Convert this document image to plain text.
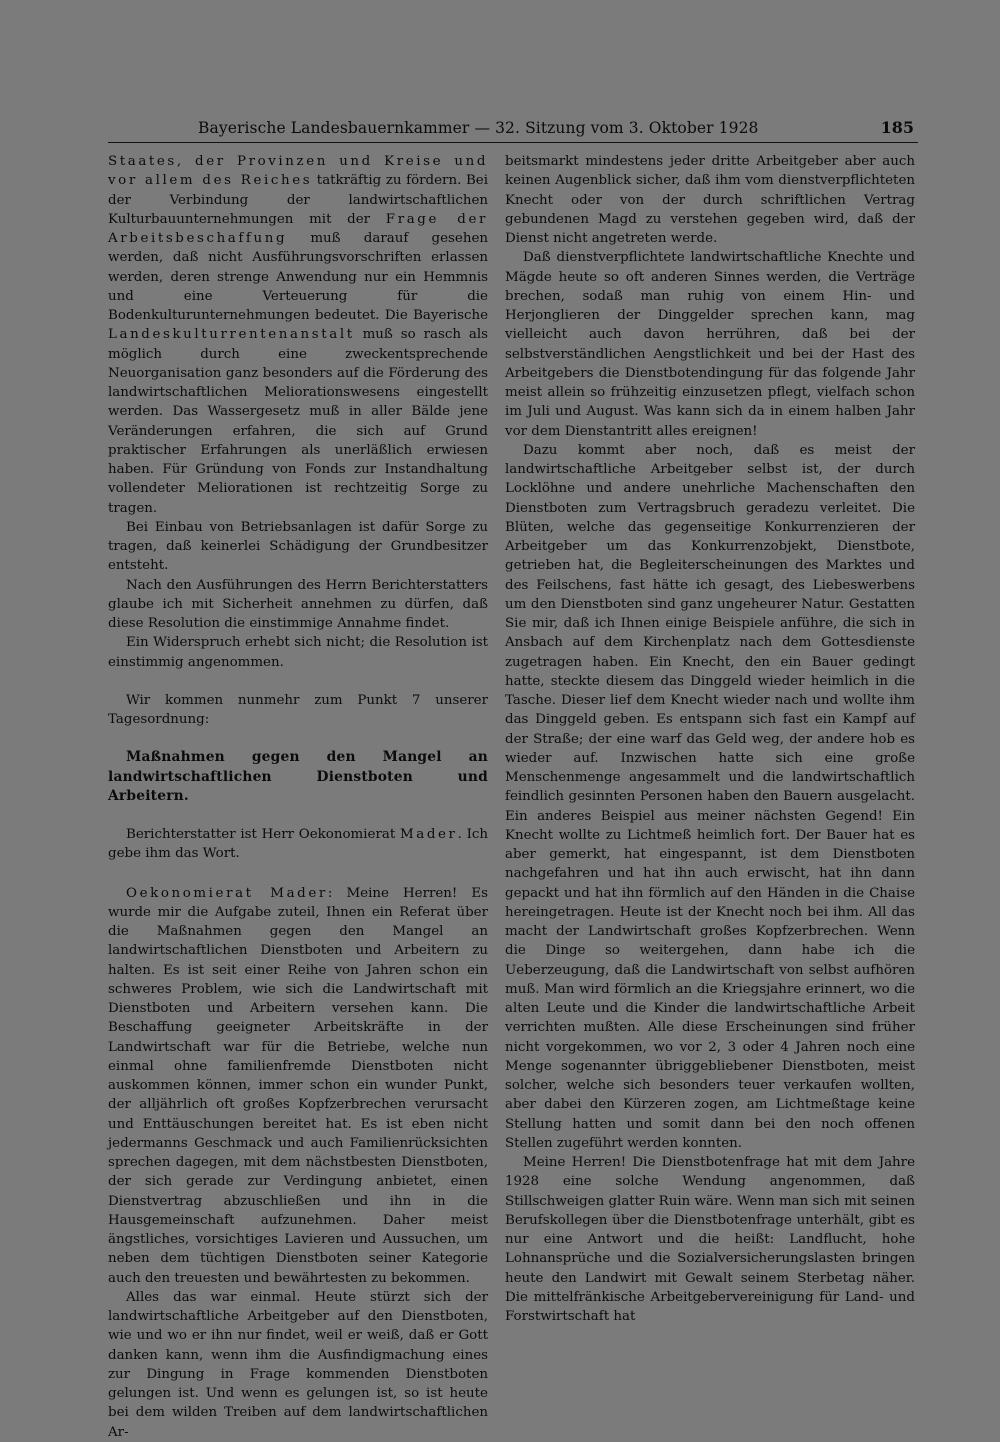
Bayerische Landesbauernkammer — 32. Sitzung vom 3. Oktober 1928	185

Staates, der Provinzen und Kreise und vor allem des Reiches tatkräftig zu fördern. Bei der Verbindung der landwirtschaftlichen Kulturbauunternehmungen mit der Frage der Arbeitsbeschaffung muß darauf gesehen werden, daß nicht Ausführungsvorschriften erlassen werden, deren strenge Anwendung nur ein Hemmnis und eine Verteuerung für die Bodenkulturunternehmungen bedeutet. Die Bayerische Landeskulturrentenanstalt muß so rasch als möglich durch eine zweckentsprechende Neuorganisation ganz besonders auf die Förderung des landwirtschaftlichen Meliorationswesens eingestellt werden. Das Wassergesetz muß in aller Bälde jene Veränderungen erfahren, die sich auf Grund praktischer Erfahrungen als unerläßlich erwiesen haben. Für Gründung von Fonds zur Instandhaltung vollendeter Meliorationen ist rechtzeitig Sorge zu tragen.

Bei Einbau von Betriebsanlagen ist dafür Sorge zu tragen, daß keinerlei Schädigung der Grundbesitzer entsteht.

Nach den Ausführungen des Herrn Berichterstatters glaube ich mit Sicherheit annehmen zu dürfen, daß diese Resolution die einstimmige Annahme findet.

Ein Widerspruch erhebt sich nicht; die Resolution ist einstimmig angenommen.

Wir kommen nunmehr zum Punkt 7 unserer Tagesordnung:

Maßnahmen gegen den Mangel an landwirtschaftlichen Dienstboten und Arbeitern.

Berichterstatter ist Herr Oekonomierat Mader. Ich gebe ihm das Wort.

Oekonomierat Mader: Meine Herren! Es wurde mir die Aufgabe zuteil, Ihnen ein Referat über die Maßnahmen gegen den Mangel an landwirtschaftlichen Dienstboten und Arbeitern zu halten. Es ist seit einer Reihe von Jahren schon ein schweres Problem, wie sich die Landwirtschaft mit Dienstboten und Arbeitern versehen kann. Die Beschaffung geeigneter Arbeitskräfte in der Landwirtschaft war für die Betriebe, welche nun einmal ohne familienfremde Dienstboten nicht auskommen können, immer schon ein wunder Punkt, der alljährlich oft großes Kopfzerbrechen verursacht und Enttäuschungen bereitet hat. Es ist eben nicht jedermanns Geschmack und auch Familienrücksichten sprechen dagegen, mit dem nächstbesten Dienstboten, der sich gerade zur Verdingung anbietet, einen Dienstvertrag abzuschließen und ihn in die Hausgemeinschaft aufzunehmen. Daher meist ängstliches, vorsichtiges Lavieren und Aussuchen, um neben dem tüchtigen Dienstboten seiner Kategorie auch den treuesten und bewährtesten zu bekommen.

Alles das war einmal. Heute stürzt sich der landwirtschaftliche Arbeitgeber auf den Dienstboten, wie und wo er ihn nur findet, weil er weiß, daß er Gott danken kann, wenn ihm die Ausfindigmachung eines zur Dingung in Frage kommenden Dienstboten gelungen ist. Und wenn es gelungen ist, so ist heute bei dem wilden Treiben auf dem landwirtschaftlichen Ar-

beitsmarkt mindestens jeder dritte Arbeitgeber aber auch keinen Augenblick sicher, daß ihm vom dienstverpflichteten Knecht oder von der durch schriftlichen Vertrag gebundenen Magd zu verstehen gegeben wird, daß der Dienst nicht angetreten werde.

Daß dienstverpflichtete landwirtschaftliche Knechte und Mägde heute so oft anderen Sinnes werden, die Verträge brechen, sodaß man ruhig von einem Hin- und Herjonglieren der Dinggelder sprechen kann, mag vielleicht auch davon herrühren, daß bei der selbstverständlichen Aengstlichkeit und bei der Hast des Arbeitgebers die Dienstbotendingung für das folgende Jahr meist allein so frühzeitig einzusetzen pflegt, vielfach schon im Juli und August. Was kann sich da in einem halben Jahr vor dem Dienstantritt alles ereignen!

Dazu kommt aber noch, daß es meist der landwirtschaftliche Arbeitgeber selbst ist, der durch Locklöhne und andere unehrliche Machenschaften den Dienstboten zum Vertragsbruch geradezu verleitet. Die Blüten, welche das gegenseitige Konkurrenzieren der Arbeitgeber um das Konkurrenzobjekt, Dienstbote, getrieben hat, die Begleiterscheinungen des Marktes und des Feilschens, fast hätte ich gesagt, des Liebeswerbens um den Dienstboten sind ganz ungeheurer Natur. Gestatten Sie mir, daß ich Ihnen einige Beispiele anführe, die sich in Ansbach auf dem Kirchenplatz nach dem Gottesdienste zugetragen haben. Ein Knecht, den ein Bauer gedingt hatte, steckte diesem das Dinggeld wieder heimlich in die Tasche. Dieser lief dem Knecht wieder nach und wollte ihm das Dinggeld geben. Es entspann sich fast ein Kampf auf der Straße; der eine warf das Geld weg, der andere hob es wieder auf. Inzwischen hatte sich eine große Menschenmenge angesammelt und die landwirtschaftlich feindlich gesinnten Personen haben den Bauern ausgelacht. Ein anderes Beispiel aus meiner nächsten Gegend! Ein Knecht wollte zu Lichtmeß heimlich fort. Der Bauer hat es aber gemerkt, hat eingespannt, ist dem Dienstboten nachgefahren und hat ihn auch erwischt, hat ihn dann gepackt und hat ihn förmlich auf den Händen in die Chaise hereingetragen. Heute ist der Knecht noch bei ihm. All das macht der Landwirtschaft großes Kopfzerbrechen. Wenn die Dinge so weitergehen, dann habe ich die Ueberzeugung, daß die Landwirtschaft von selbst aufhören muß. Man wird förmlich an die Kriegsjahre erinnert, wo die alten Leute und die Kinder die landwirtschaftliche Arbeit verrichten mußten. Alle diese Erscheinungen sind früher nicht vorgekommen, wo vor 2, 3 oder 4 Jahren noch eine Menge sogenannter übriggebliebener Dienstboten, meist solcher, welche sich besonders teuer verkaufen wollten, aber dabei den Kürzeren zogen, am Lichtmeßtage keine Stellung hatten und somit dann bei den noch offenen Stellen zugeführt werden konnten.

Meine Herren! Die Dienstbotenfrage hat mit dem Jahre 1928 eine solche Wendung angenommen, daß Stillschweigen glatter Ruin wäre. Wenn man sich mit seinen Berufskollegen über die Dienstbotenfrage unterhält, gibt es nur eine Antwort und die heißt: Landflucht, hohe Lohnansprüche und die Sozialversicherungslasten bringen heute den Landwirt mit Gewalt seinem Sterbetag näher. Die mittelfränkische Arbeitgebervereinigung für Land- und Forstwirtschaft hat
